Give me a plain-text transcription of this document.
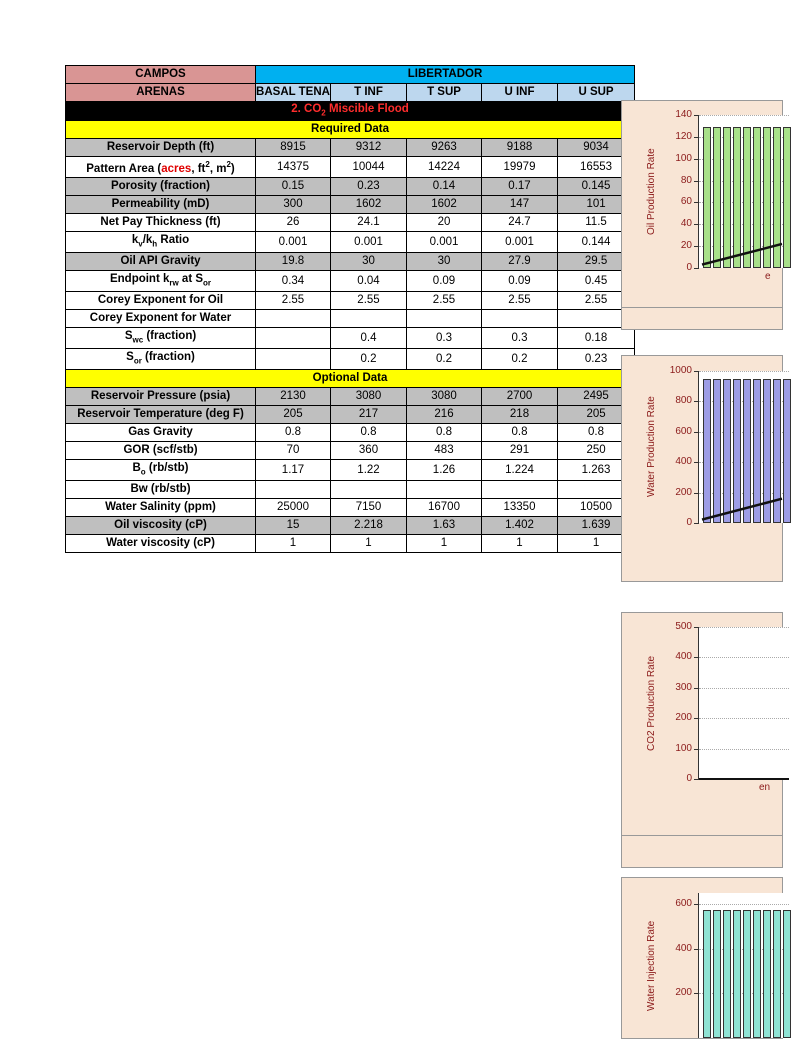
CAMPOS	LIBERTADOR				
ARENAS	BASAL TENA	T INF	T SUP	U INF	U SUP
2. $CO_2$ Miscible Flood					
Required Data					
Reservoir Depth (ft)	8915	9312	9263	9188	9034
Pattern Area (acres, $ft^2$, $m^2$)	14375	10044	14224	19979	16553
Porosity (fraction)	0.15	0.23	0.14	0.17	0.145
Permeability (mD)	300	1602	1602	147	101
Net Pay Thickness (ft)	26	24.1	20	24.7	11.5
$k_v/k_h$ Ratio	0.001	0.001	0.001	0.001	0.144
Oil API Gravity	19.8	30	30	27.9	29.5
Endpoint $k_{rw}$ at $S_{or}$	0.34	0.04	0.09	0.09	0.45
Corey Exponent for Oil	2.55	2.55	2.55	2.55	2.55
Corey Exponent for Water					
$S_{wc}$ (fraction)		0.4	0.3	0.3	0.18
$S_{or}$ (fraction)		0.2	0.2	0.2	0.23
Optional Data					
Reservoir Pressure (psia)	2130	3080	3080	2700	2495
Reservoir Temperature (deg F)	205	217	216	218	205
Gas Gravity	0.8	0.8	0.8	0.8	0.8
GOR (scf/stb)	70	360	483	291	250
$B_o$ (rb/stb)	1.17	1.22	1.26	1.224	1.263
Bw (rb/stb)					
Water Salinity (ppm)	25000	7150	16700	13350	10500
Oil viscosity (cP)	15	2.218	1.63	1.402	1.639
Water viscosity (cP)	1	1	1	1	1
Oil Production Rate
0
20
40
60
80
100
120
140
e
Water Production Rate
0
200
400
600
800
1000
CO2 Production Rate
0
100
200
300
400
500
en
Water Injection Rate	200
400
600
